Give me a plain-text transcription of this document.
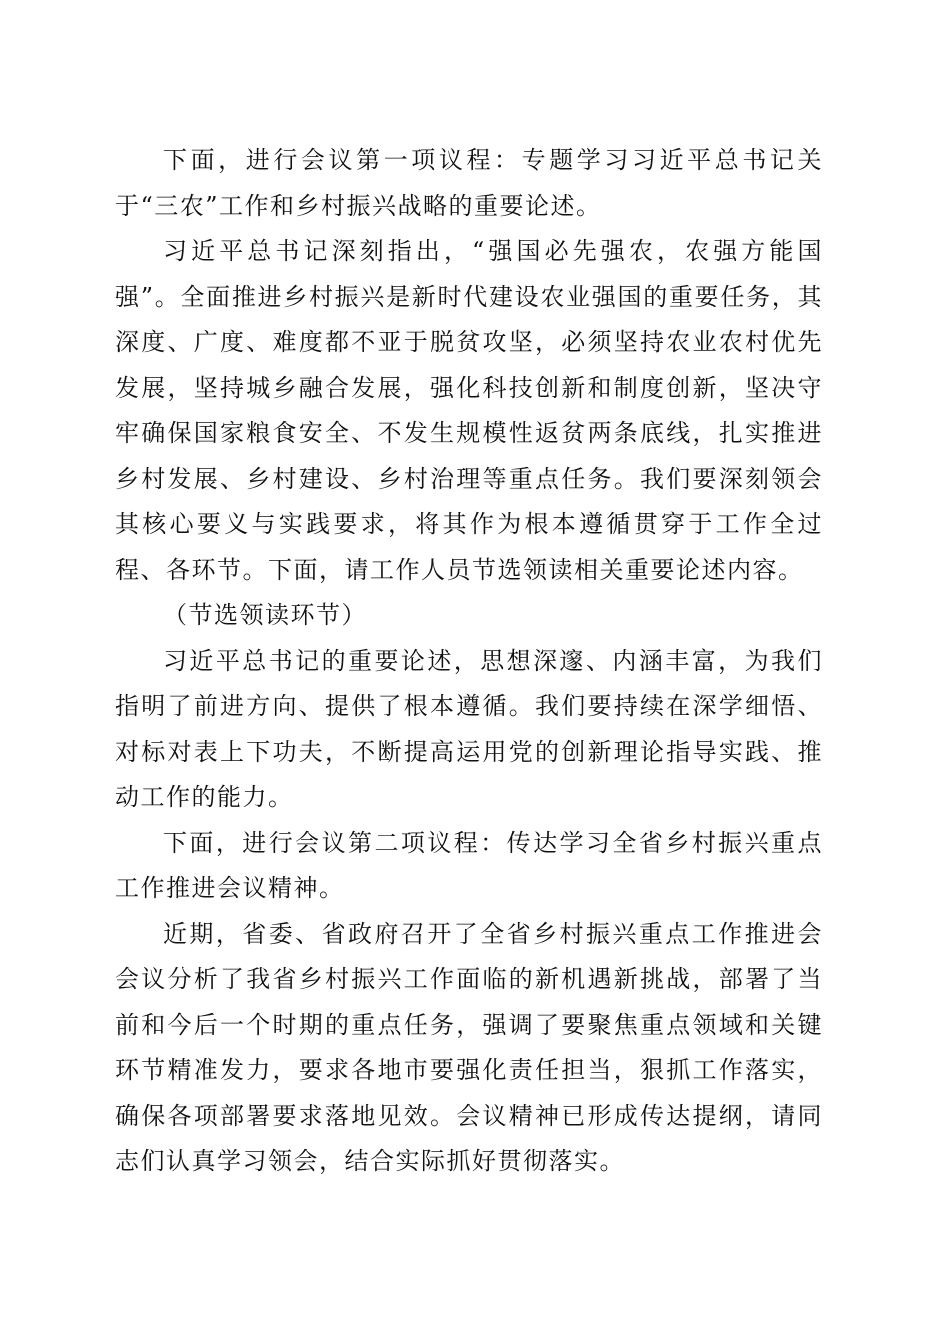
下面，进行会议第一项议程：专题学习习近平总书记关于“三农”工作和乡村振兴战略的重要论述。

习近平总书记深刻指出，“强国必先强农，农强方能国强”。全面推进乡村振兴是新时代建设农业强国的重要任务，其深度、广度、难度都不亚于脱贫攻坚，必须坚持农业农村优先发展，坚持城乡融合发展，强化科技创新和制度创新，坚决守牢确保国家粮食安全、不发生规模性返贫两条底线，扎实推进乡村发展、乡村建设、乡村治理等重点任务。我们要深刻领会其核心要义与实践要求，将其作为根本遵循贯穿于工作全过程、各环节。下面，请工作人员节选领读相关重要论述内容。

（节选领读环节）

习近平总书记的重要论述，思想深邃、内涵丰富，为我们指明了前进方向、提供了根本遵循。我们要持续在深学细悟、对标对表上下功夫，不断提高运用党的创新理论指导实践、推动工作的能力。

下面，进行会议第二项议程：传达学习全省乡村振兴重点工作推进会议精神。

近期，省委、省政府召开了全省乡村振兴重点工作推进会会议分析了我省乡村振兴工作面临的新机遇新挑战，部署了当前和今后一个时期的重点任务，强调了要聚焦重点领域和关键环节精准发力，要求各地市要强化责任担当，狠抓工作落实，确保各项部署要求落地见效。会议精神已形成传达提纲，请同志们认真学习领会，结合实际抓好贯彻落实。
